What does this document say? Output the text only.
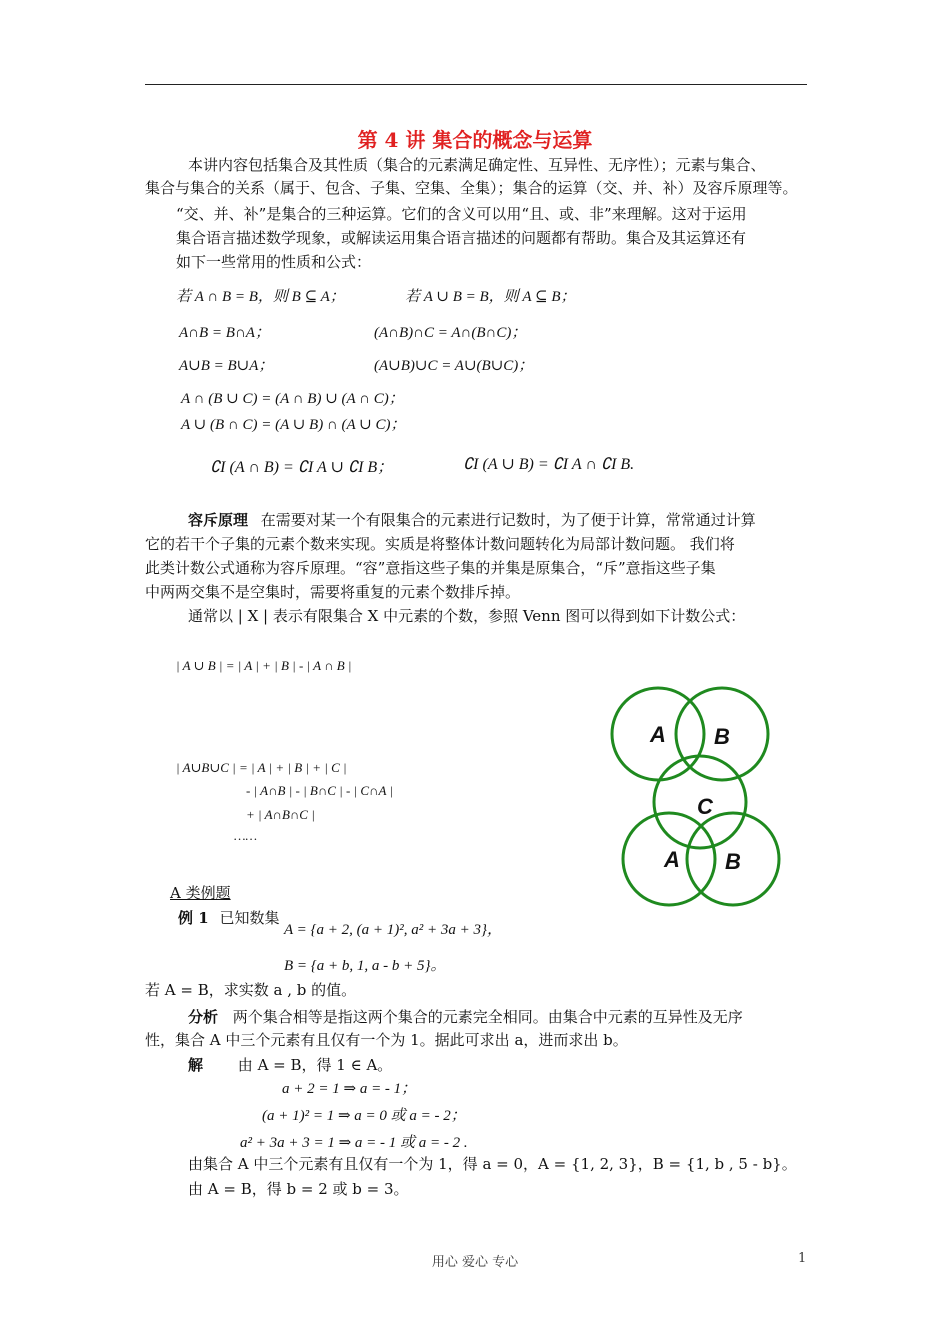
第 4 讲 集合的概念与运算
本讲内容包括集合及其性质（集合的元素满足确定性、互异性、无序性）；元素与集合、
集合与集合的关系（属于、包含、子集、空集、全集）；集合的运算（交、并、补）及容斥原理等。
“交、并、补”是集合的三种运算。它们的含义可以用“且、或、非”来理解。这对于运用
集合语言描述数学现象，或解读运用集合语言描述的问题都有帮助。集合及其运算还有
如下一些常用的性质和公式：
若 A ∩ B = B，则 B ⊆ A；	若 A ∪ B = B，则 A ⊆ B；
A∩B = B∩A；	(A∩B)∩C = A∩(B∩C)；
A∪B = B∪A；	(A∪B)∪C = A∪(B∪C)；
A ∩ (B ∪ C) = (A ∩ B) ∪ (A ∩ C)；
A ∪ (B ∩ C) = (A ∪ B) ∩ (A ∪ C)；
∁I (A ∩ B) = ∁I A ∪ ∁I B；	∁I (A ∪ B) = ∁I A ∩ ∁I B.
容斥原理 在需要对某一个有限集合的元素进行记数时，为了便于计算，常常通过计算
它的若干个子集的元素个数来实现。实质是将整体计数问题转化为局部计数问题。 我们将
此类计数公式通称为容斥原理。“容”意指这些子集的并集是原集合，“斥”意指这些子集
中两两交集不是空集时，需要将重复的元素个数排斥掉。
通常以 | X | 表示有限集合 X 中元素的个数，参照 Venn 图可以得到如下计数公式：
| A ∪ B | = | A | + | B | - | A ∩ B |
| A∪B∪C | = | A | + | B | + | C |
- | A∩B | - | B∩C | - | C∩A |
+ | A∩B∩C |
……
A B
C
A B
A 类例题
例 1 已知数集
A = {a + 2, (a + 1)², a² + 3a + 3}，
B = {a + b, 1, a - b + 5}。
若 A = B，求实数 a , b 的值。
分析 两个集合相等是指这两个集合的元素完全相同。由集合中元素的互异性及无序
性，集合 A 中三个元素有且仅有一个为 1。据此可求出 a，进而求出 b。
解 由 A = B，得 1 ∈ A。
a + 2 = 1 ⇒ a = - 1；
(a + 1)² = 1 ⇒ a = 0 或 a = - 2；
a² + 3a + 3 = 1 ⇒ a = - 1 或 a = - 2 .
由集合 A 中三个元素有且仅有一个为 1，得 a = 0，A = {1, 2, 3}，B = {1, b , 5 - b}。
由 A = B，得 b = 2 或 b = 3。
用心 爱心 专心	1
